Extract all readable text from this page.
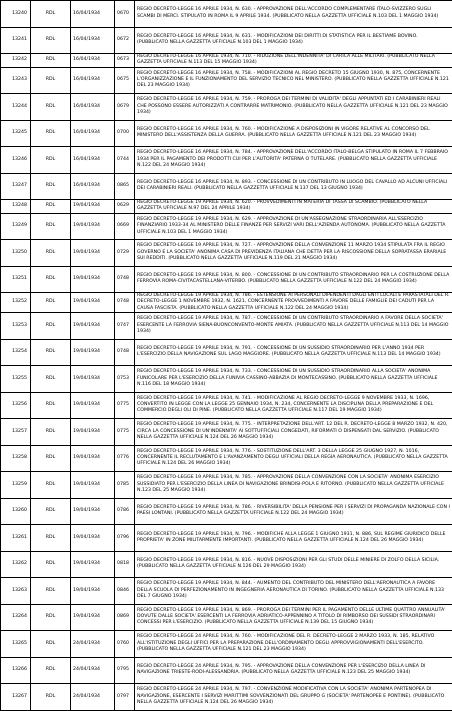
13240	RDL	16/04/1934	0670	REGIO DECRETO-LEGGE 16 APRILE 1934, N. 630. - APPROVAZIONE DELL'ACCORDO COMPLEMENTARE ITALO-SVIZZERO SUGLI SCAMBI DI MERCI. STIPULATO IN ROMA IL 9 APRILE 1934. (PUBBLICATO NELLA GAZZETTA UFFICIALE N.103 DEL 1 MAGGIO 1934)
13241	RDL	16/04/1934	0672	REGIO DECRETO-LEGGE 16 APRILE 1934, N. 631. - MODIFICAZIONI DEI DIRITTI DI STATISTICA PER IL BESTIAME BOVINO. (PUBBLICATO NELLA GAZZETTA UFFICIALE N.103 DEL 1 MAGGIO 1934)
13242	RDL	16/04/1934	0673	REGIO DECRETO-LEGGE 16 APRILE 1934, N. 710. - RIDUZIONE DELL'INDENNITA' DI CARICA ALLE MILITARI. (PUBBLICATO NELLA GAZZETTA UFFICIALE N.113 DEL 15 MAGGIO 1934)
13243	RDL	16/04/1934	0675	REGIO DECRETO-LEGGE 16 APRILE 1934, N. 758. - MODIFICAZIONI AL REGIO DECRETO 15 GIUGNO 1930, N. 875, CONCERNENTE L'ORGANIZZAZIONE E IL FUNZIONAMENTO DEL SERVIZIO TECNICO NEL MINISTERO. (PUBBLICATO NELLA GAZZETTA UFFICIALE N.121 DEL 23 MAGGIO 1934)
13244	RDL	16/04/1934	0679	REGIO DECRETO-LEGGE 16 APRILE 1934, N. 759. - PROROGA DEI TERMINI DI VALIDITA' DEGLI APPUNTATI ED I CARABINIERI REALI CHE POSSONO ESSERE AUTORIZZATI A CONTRARRE MATRIMONIO. (PUBBLICATO NELLA GAZZETTA UFFICIALE N.121 DEL 23 MAGGIO 1934)
13245	RDL	16/04/1934	0700	REGIO DECRETO-LEGGE 16 APRILE 1934, N. 760. - MODIFICAZIONE A DISPOSIZIONI IN VIGORE RELATIVE AL CONCORSO DEL MINISTERO DELL'ASSISTENZA DELLA GUERRA. (PUBBLICATO NELLA GAZZETTA UFFICIALE N.121 DEL 23 MAGGIO 1934)
13246	RDL	16/04/1934	0744	REGIO DECRETO-LEGGE 16 APRILE 1934, N. 784. - APPROVAZIONE DELL'ACCORDO ITALO-BELGA STIPULATO IN ROMA IL 7 FEBBRAIO 1934 PER IL PAGAMENTO DEI PRODOTTI CUI PER L'AUTORITA' PATERNA O TUTELARE. (PUBBLICATO NELLA GAZZETTA UFFICIALE N.122 DEL 24 MAGGIO 1934)
13247	RDL	16/04/1934	0865	REGIO DECRETO-LEGGE 16 APRILE 1934, N. 893. - CONCESSIONE DI UN CONTRIBUTO IN LUOGO DEL CAVALLO AD ALCUNI UFFICIALI DEI CARABINIERI REALI. (PUBBLICATO NELLA GAZZETTA UFFICIALE N.137 DEL 13 GIUGNO 1934)
13248	RDL	19/04/1934	0629	REGIO DECRETO-LEGGE 19 APRILE 1934, N. 620. - PROVVEDIMENTI IN MATERIA DI TASSA DI SCAMBIO. (PUBBLICATO NELLA GAZZETTA UFFICIALE N.97 DEL 24 APRILE 1934)
13249	RDL	19/04/1934	0669	REGIO DECRETO-LEGGE 19 APRILE 1934, N. 629. - APPROVAZIONE DI UN'ASSEGNAZIONE STRAORDINARIA ALL'ESERCIZIO FINANZIARIO 1933-34 AL MINISTERO DELLE FINANZE PER SERVIZI VARI DELL'AZIENDA AUTONOMA. (PUBBLICATO NELLA GAZZETTA UFFICIALE N.103 DEL 1 MAGGIO 1934)
13250	RDL	19/04/1934	0729	REGIO DECRETO-LEGGE 19 APRILE 1934, N. 727. - APPROVAZIONE DELLA CONVENZIONE 11 MARZO 1934 STIPULATA FRA IL REGIO GOVERNO E LA SOCIETA' ANONIMA CASA DI PREVIDENZA ITALIANA CHE DETTA PER LA RISCOSSIONE DELLA SOPRATASSA ERARIALE SUI REDDITI. (PUBBLICATO NELLA GAZZETTA UFFICIALE N.119 DEL 21 MAGGIO 1934)
13251	RDL	19/04/1934	0748	REGIO DECRETO-LEGGE 19 APRILE 1934, N. 800. - CONCESSIONE DI UN CONTRIBUTO STRAORDINARIO PER LA COSTRUZIONE DELLA FERROVIA ROMA-CIVITACASTELLANA-VITERBO. (PUBBLICATO NELLA GAZZETTA UFFICIALE N.122 DEL 24 MAGGIO 1934)
13252	RDL	19/04/1934	0748	REGIO DECRETO-LEGGE 19 APRILE 1934, N. 786. - ESTENSIONE AI PERSONALI DIPENDENTI DAGLI ENTI LOCALI E PARASTATALI DEL R. DECRETO-LEGGE 1 NOVEMBRE 1932, N. 1621, CONCERNENTE PROVVEDIMENTI A FAVORE DELLE FAMIGLIE DEI CADUTI PER LA CAUSA FASCISTA. (PUBBLICATO NELLA GAZZETTA UFFICIALE N.122 DEL 24 MAGGIO 1934)
13253	RDL	19/04/1934	0747	REGIO DECRETO-LEGGE 19 APRILE 1934, N. 787. - CONCESSIONE DI UN CONTRIBUTO STRAORDINARIO A FAVORE DELLA SOCIETA' ESERCENTE LA FERROVIA SIENA-BUONCONVENTO-MONTE AMIATA. (PUBBLICATO NELLA GAZZETTA UFFICIALE N.113 DEL 14 MAGGIO 1934)
13254	RDL	19/04/1934	0748	REGIO DECRETO-LEGGE 19 APRILE 1934, N. 791. - CONCESSIONE DI UN SUSSIDIO STRAORDINARIO PER L'ANNO 1934 PER L'ESERCIZIO DELLA NAVIGAZIONE SUL LAGO MAGGIORE. (PUBBLICATO NELLA GAZZETTA UFFICIALE N.113 DEL 14 MAGGIO 1934)
13255	RDL	19/04/1934	0753	REGIO DECRETO-LEGGE 19 APRILE 1934, N. 733. - CONCESSIONE DI UN SUSSIDIO STRAORDINARIO ALLA SOCIETA' ANONIMA FUNICOLARE PER L'ESERCIZIO DELLA FUNIVIA CASSINO-ABBAZIA DI MONTECASSINO. (PUBBLICATO NELLA GAZZETTA UFFICIALE N.116 DEL 18 MAGGIO 1934)
13256	RDL	19/04/1934	0775	REGIO DECRETO-LEGGE 19 APRILE 1934, N. 741. - MODIFICAZIONE AL REGIO DECRETO-LEGGE 9 NOVEMBRE 1933, N. 1696, CONVERTITO IN LEGGE CON LA LEGGE 25 GENNAIO 1934, N. 234, CONCERNENTE LA DISCIPLINA DELLA PREPARAZIONE E DEL COMMERCIO DEGLI OLI DI PINE. (PUBBLICATO NELLA GAZZETTA UFFICIALE N.117 DEL 19 MAGGIO 1934)
13257	RDL	19/04/1934	0775	REGIO DECRETO-LEGGE 19 APRILE 1934, N. 775. - INTERPRETAZIONE DELL'ART. 12 DEL R. DECRETO-LEGGE 8 MARZO 1932, N. 420, CIRCA LA CONCESSIONE DI UN'INDENNITA' AI SOTTUFFICIALI CONGEDATI, RIFORMATI O DISPENSATI DAL SERVIZIO. (PUBBLICATO NELLA GAZZETTA UFFICIALE N.124 DEL 26 MAGGIO 1934)
13258	RDL	19/04/1934	0776	REGIO DECRETO-LEGGE 19 APRILE 1934, N. 776. - SOSTITUZIONE DELL'ART. 3 DELLA LEGGE 25 GIUGNO 1927, N. 1016, CONCERNENTE IL RECLUTAMENTO E L'AVANZAMENTO DEGLI UFFICIALI DELLA REGIA AERONAUTICA. (PUBBLICATO NELLA GAZZETTA UFFICIALE N.124 DEL 26 MAGGIO 1934)
13259	RDL	19/04/1934	0785	REGIO DECRETO-LEGGE 19 APRILE 1934, N. 785. - APPROVAZIONE DELLA CONVENZIONE CON LA SOCIETA' ANONIMA ESERCIZIO SUSSIDIATO PER L'ESERCIZIO DELLA LINEA DI NAVIGAZIONE BRINDISI-POLA E RITORNO. (PUBBLICATO NELLA GAZZETTA UFFICIALE N.123 DEL 25 MAGGIO 1934)
13260	RDL	19/04/1934	0786	REGIO DECRETO-LEGGE 19 APRILE 1934, N. 786. - RIVERSIBILITA' DELLA PENSIONE PER I SERVIZI DI PROPAGANDA NAZIONALE CON I PAESI LONTANI. (PUBBLICATO NELLA GAZZETTA UFFICIALE N.122 DEL 24 MAGGIO 1934)
13261	RDL	19/04/1934	0796	REGIO DECRETO-LEGGE 19 APRILE 1934, N. 796. - MODIFICHE ALLA LEGGE 1 GIUGNO 1931, N. 886, SUL REGIME GIURIDICO DELLE PROPRIETA' IN ZONE MILITARMENTE IMPORTANTI. (PUBBLICATO NELLA GAZZETTA UFFICIALE N.124 DEL 26 MAGGIO 1934)
13262	RDL	19/04/1934	0818	REGIO DECRETO-LEGGE 19 APRILE 1934, N. 816. - NUOVE DISPOSIZIONI PER GLI STUDI DELLE MINIERE DI ZOLFO DELLA SICILIA. (PUBBLICATO NELLA GAZZETTA UFFICIALE N.126 DEL 29 MAGGIO 1934)
13263	RDL	19/04/1934	0846	REGIO DECRETO-LEGGE 19 APRILE 1934, N. 844. - AUMENTO DEL CONTRIBUTO DEL MINISTERO DELL'AERONAUTICA A FAVORE DELLA SCUOLA DI PERFEZIONAMENTO IN INGEGNERIA AERONAUTICA DI TORINO. (PUBBLICATO NELLA GAZZETTA UFFICIALE N.133 DEL 7 GIUGNO 1934)
13264	RDL	19/04/1934	0869	REGIO DECRETO-LEGGE 19 APRILE 1934, N. 869. - PROROGA DEI TERMINI PER IL PAGAMENTO DELLE ULTIME QUATTRO ANNUALITA' DOVUTE DALLE SOCIETA' ESERCENTI LA FERROVIA ADRIATICO-APPENNINO A TITOLO DI RIMBORSO DEI SUSSIDI STRAORDINARI CONCESSI PER L'ESERCIZIO. (PUBBLICATO NELLA GAZZETTA UFFICIALE N.139 DEL 15 GIUGNO 1934)
13265	RDL	24/04/1934	0760	REGIO DECRETO-LEGGE 24 APRILE 1934, N. 760. - MODIFICAZIONE DEL R. DECRETO-LEGGE 2 MARZO 1933, N. 185, RELATIVO ALL'ISTITUZIONE DEGLI UFFICI PER LA PREPARAZIONE DELL'ORDINAMENTO DEGLI APPROVVIGIONAMENTI DELL'ESERCITO. (PUBBLICATO NELLA GAZZETTA UFFICIALE N.121 DEL 23 MAGGIO 1934)
13266	RDL	24/04/1934	0795	REGIO DECRETO-LEGGE 24 APRILE 1934, N. 795. - APPROVAZIONE DELLA CONVENZIONE PER L'ESERCIZIO DELLA LINEA DI NAVIGAZIONE TRIESTE-RODI-ALESSANDRIA. (PUBBLICATO NELLA GAZZETTA UFFICIALE N.123 DEL 25 MAGGIO 1934)
13267	RDL	24/04/1934	0797	REGIO DECRETO-LEGGE 24 APRILE 1934, N. 797. - CONVENZIONE MODIFICATIVA CON LA SOCIETA' ANONIMA PARTENOPEA DI NAVIGAZIONE, ESERCENTE I SERVIZI MARITTIMI SOVVENZIONATI DEL GRUPPO G (SOCIETA' PARTENOPEE E PONTINE). (PUBBLICATO NELLA GAZZETTA UFFICIALE N.124 DEL 26 MAGGIO 1934)
